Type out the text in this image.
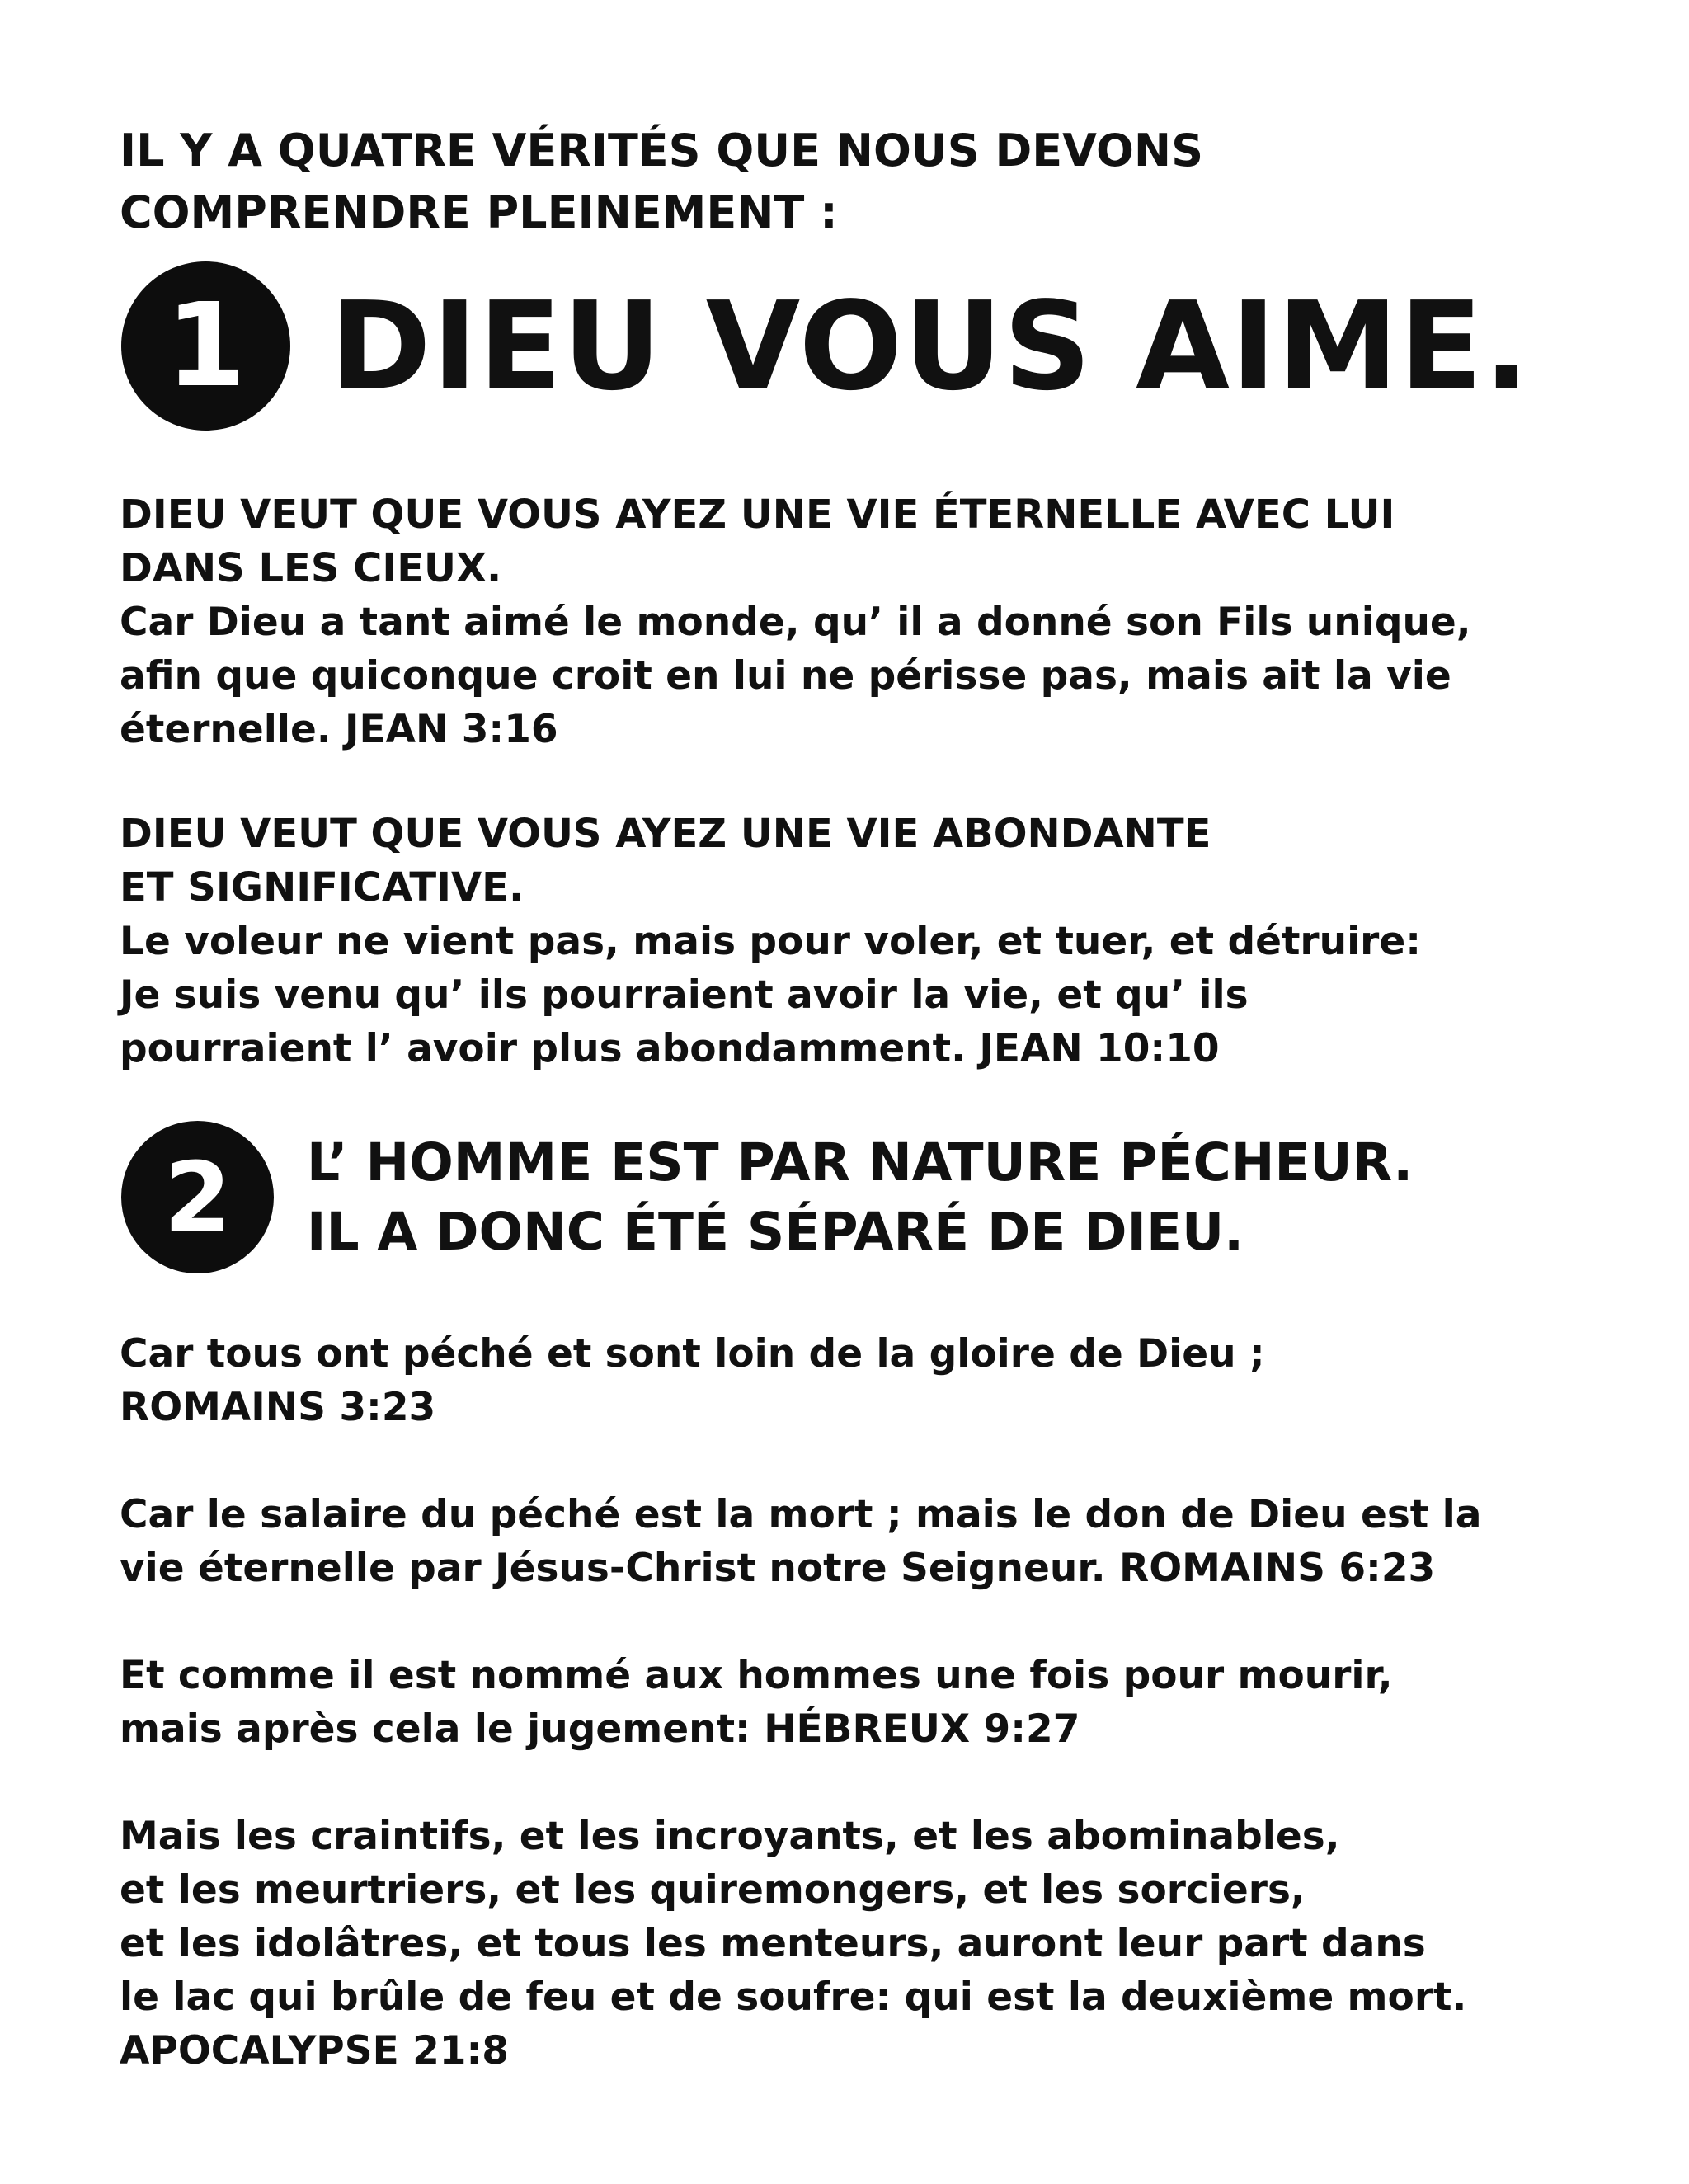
IL Y A QUATRE VÉRITÉS QUE NOUS DEVONS
COMPRENDRE PLEINEMENT :

1 DIEU VOUS AIME.

DIEU VEUT QUE VOUS AYEZ UNE VIE ÉTERNELLE AVEC LUI
DANS LES CIEUX.

Car Dieu a tant aimé le monde, qu’ il a donné son Fils unique,
afin que quiconque croit en lui ne périsse pas, mais ait la vie
éternelle. JEAN 3:16

DIEU VEUT QUE VOUS AYEZ UNE VIE ABONDANTE
ET SIGNIFICATIVE.

Le voleur ne vient pas, mais pour voler, et tuer, et détruire:
Je suis venu qu’ ils pourraient avoir la vie, et qu’ ils
pourraient l’ avoir plus abondamment. JEAN 10:10

2	L’ HOMME EST PAR NATURE PÉCHEUR.
IL A DONC ÉTÉ SÉPARÉ DE DIEU.

Car tous ont péché et sont loin de la gloire de Dieu ;
ROMAINS 3:23

Car le salaire du péché est la mort ; mais le don de Dieu est la
vie éternelle par Jésus-Christ notre Seigneur. ROMAINS 6:23

Et comme il est nommé aux hommes une fois pour mourir,
mais après cela le jugement: HÉBREUX 9:27

Mais les craintifs, et les incroyants, et les abominables,
et les meurtriers, et les quiremongers, et les sorciers,
et les idolâtres, et tous les menteurs, auront leur part dans
le lac qui brûle de feu et de soufre: qui est la deuxième mort.
APOCALYPSE 21:8
